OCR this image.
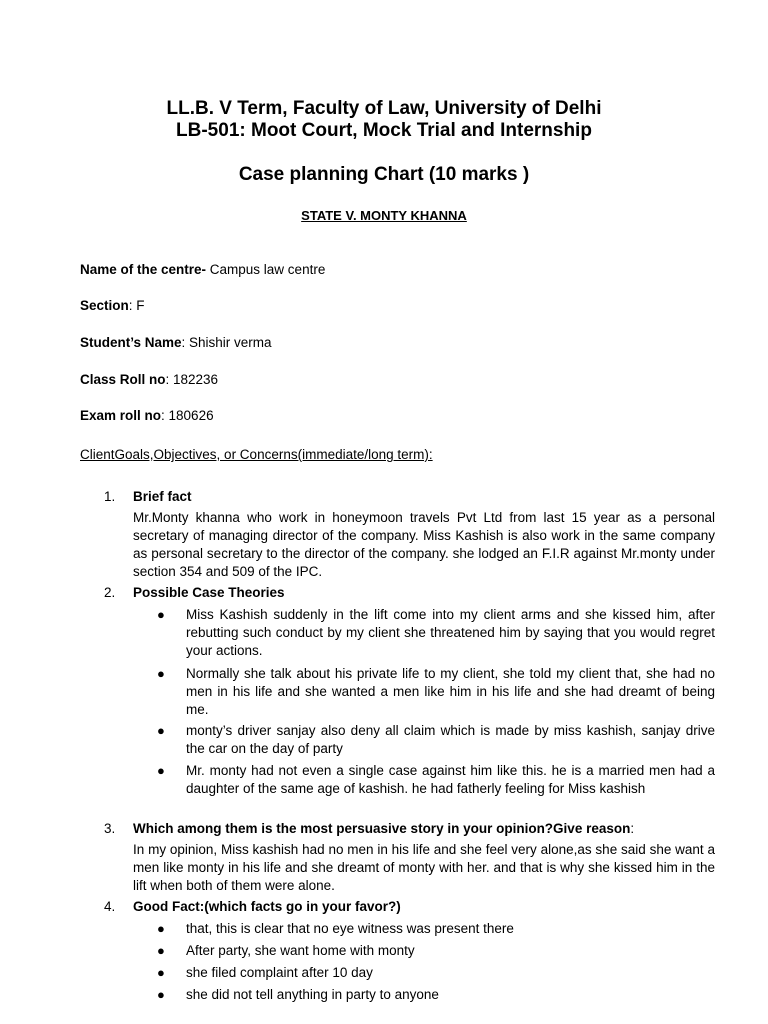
LL.B. V Term, Faculty of Law, University of Delhi
LB-501: Moot Court, Mock Trial and Internship
Case planning Chart (10 marks )
STATE V. MONTY KHANNA
Name of the centre- Campus law centre
Section: F
Student’s Name: Shishir verma
Class Roll no: 182236
Exam roll no: 180626
ClientGoals,Objectives, or Concerns(immediate/long term):
1. Brief fact
Mr.Monty khanna who work in honeymoon travels Pvt Ltd from last 15 year as a personal secretary of managing director of the company. Miss Kashish is also work in the same company as personal secretary to the director of the company. she lodged an F.I.R against Mr.monty under section 354 and 509 of the IPC.
2. Possible Case Theories
● Miss Kashish suddenly in the lift come into my client arms and she kissed him, after rebutting such conduct by my client she threatened him by saying that you would regret your actions.
● Normally she talk about his private life to my client, she told my client that, she had no men in his life and she wanted a men like him in his life and she had dreamt of being me.
● monty’s driver sanjay also deny all claim which is made by miss kashish, sanjay drive the car on the day of party
● Mr. monty had not even a single case against him like this. he is a married men had a daughter of the same age of kashish. he had fatherly feeling for Miss kashish
3. Which among them is the most persuasive story in your opinion?Give reason:
In my opinion, Miss kashish had no men in his life and she feel very alone,as she said she want a men like monty in his life and she dreamt of monty with her. and that is why she kissed him in the lift when both of them were alone.
4. Good Fact:(which facts go in your favor?)
● that, this is clear that no eye witness was present there
● After party, she want home with monty
● she filed complaint after 10 day
● she did not tell anything in party to anyone
